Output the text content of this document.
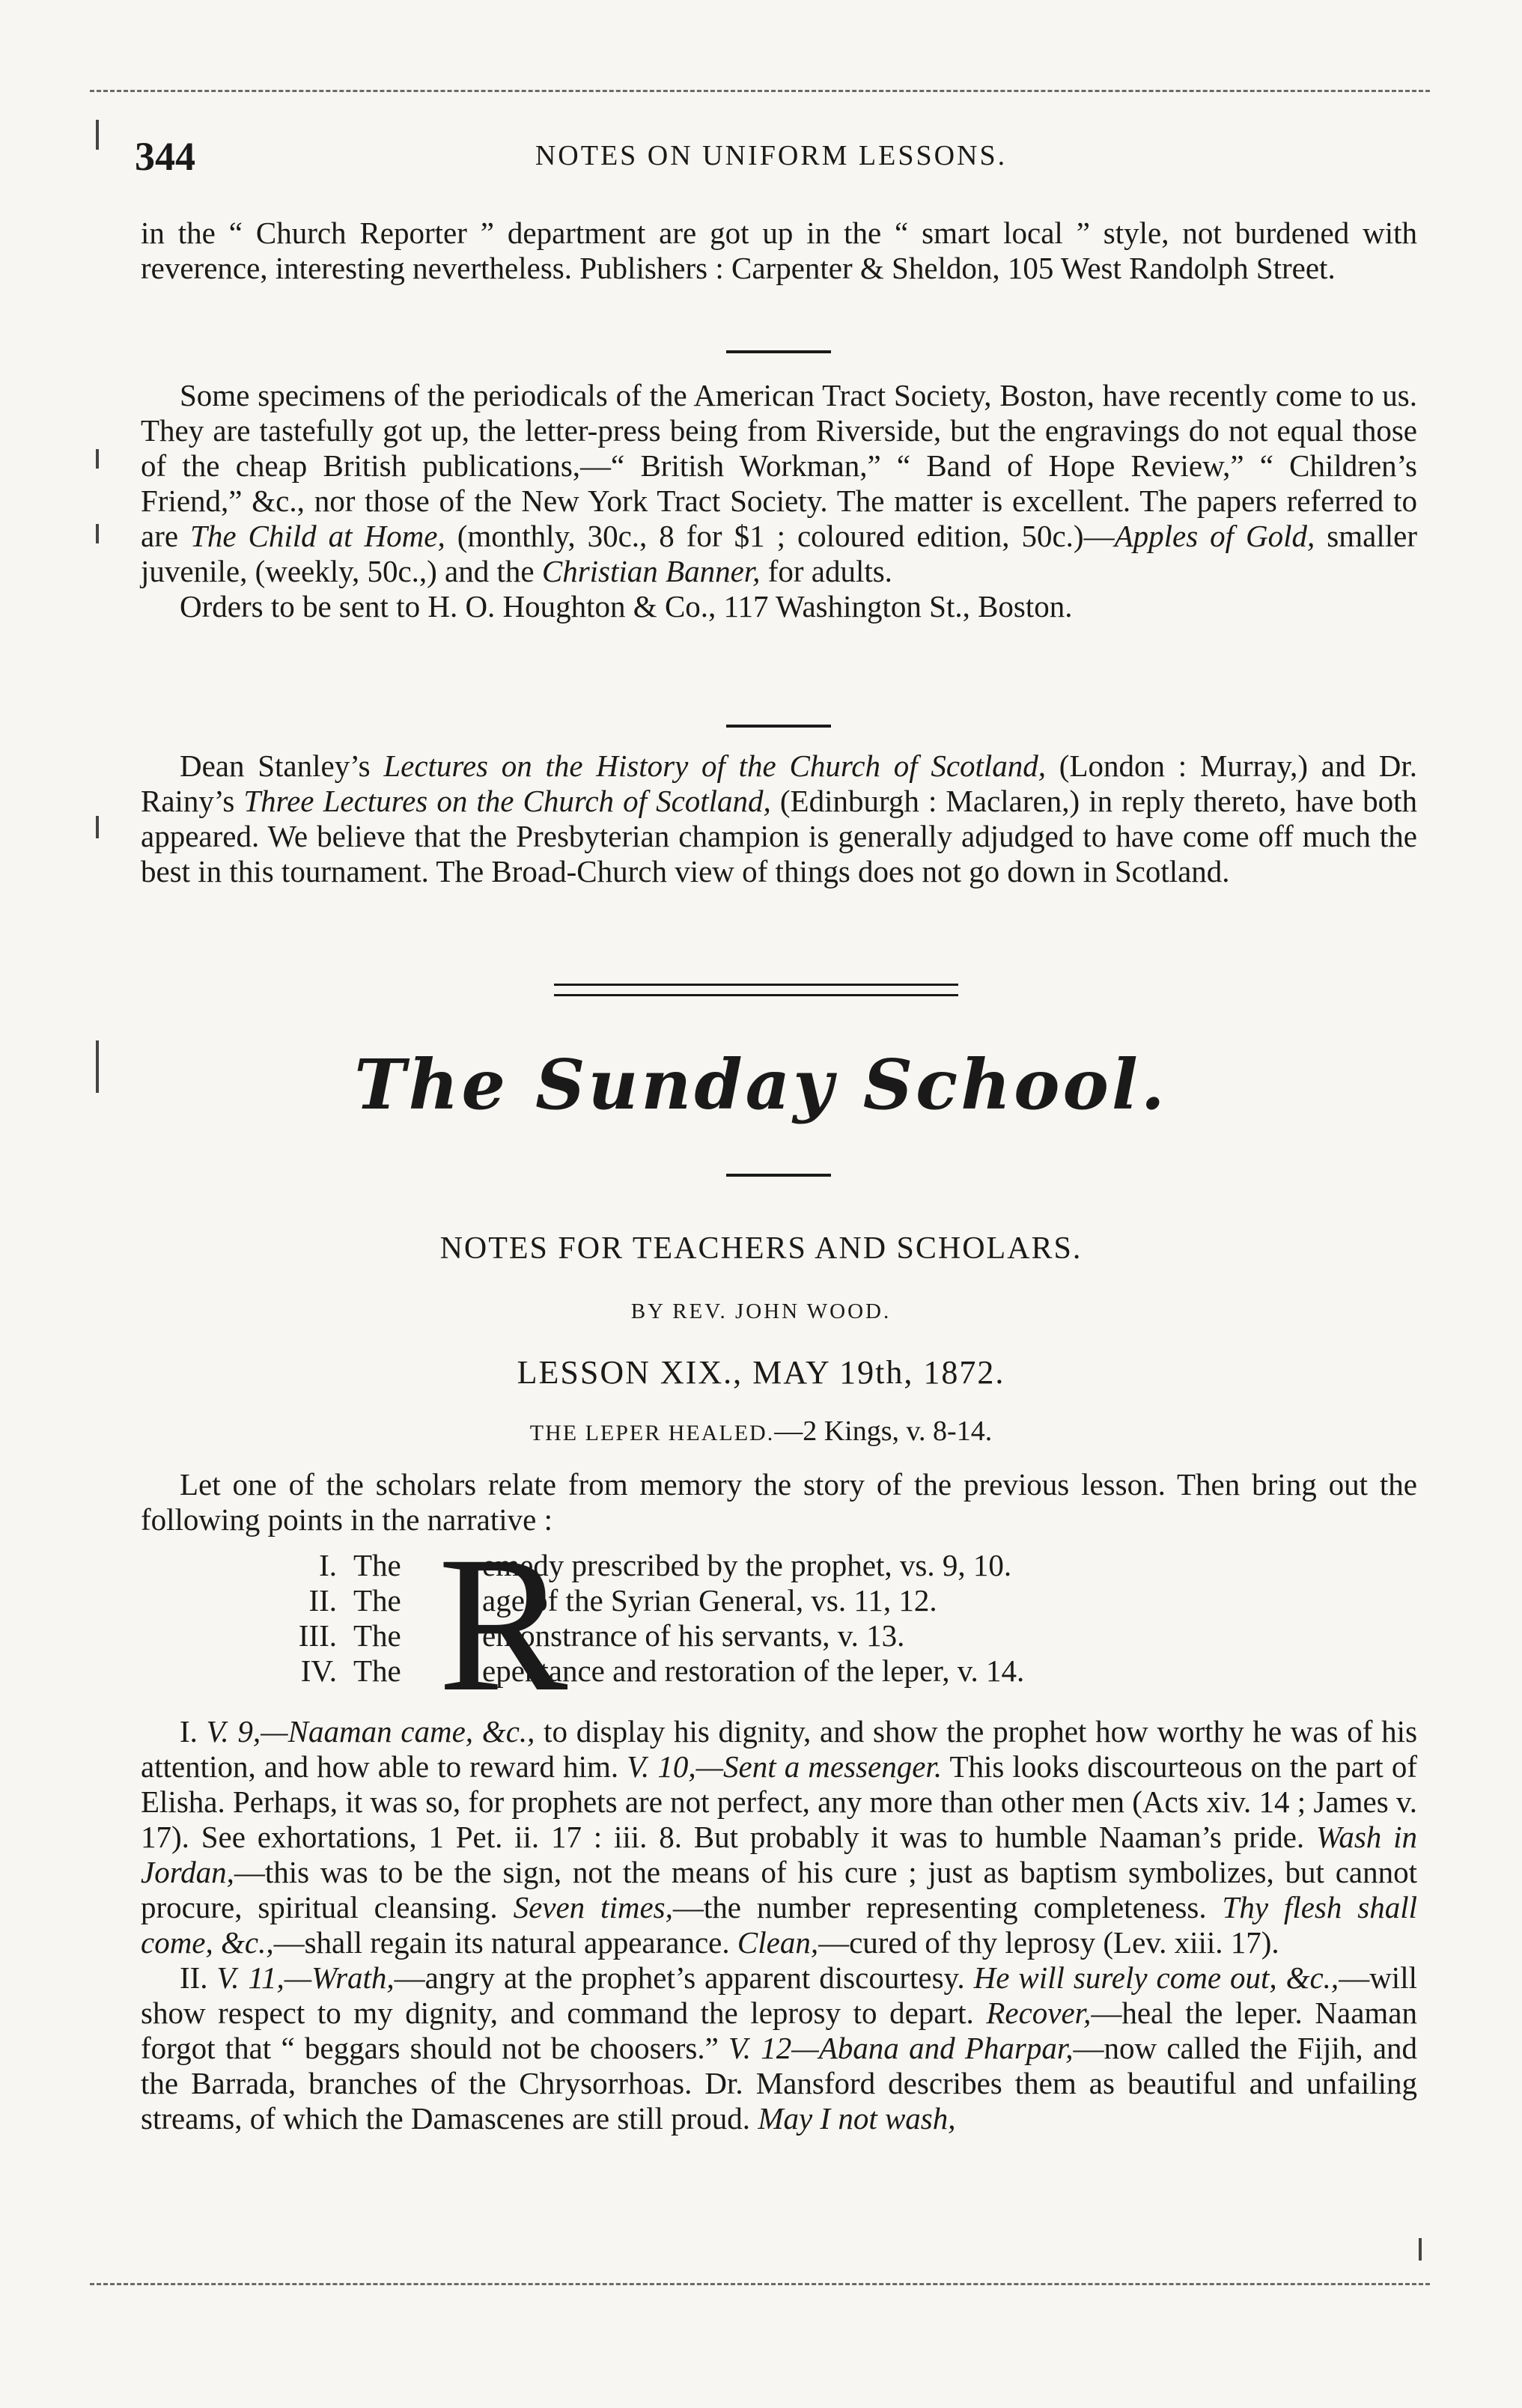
344	NOTES ON UNIFORM LESSONS.

in the “ Church Reporter ” department are got up in the “ smart local ” style, not burdened with reverence, interesting nevertheless. Publishers : Carpenter & Sheldon, 105 West Randolph Street.

Some specimens of the periodicals of the American Tract Society, Boston, have recently come to us. They are tastefully got up, the letter-press being from Riverside, but the engravings do not equal those of the cheap British publications,—“ British Workman,” “ Band of Hope Review,” “ Children’s Friend,” &c., nor those of the New York Tract Society. The matter is excellent. The papers referred to are The Child at Home, (monthly, 30c., 8 for $1 ; coloured edition, 50c.)—Apples of Gold, smaller juvenile, (weekly, 50c.,) and the Christian Banner, for adults.

Orders to be sent to H. O. Houghton & Co., 117 Washington St., Boston.

Dean Stanley’s Lectures on the History of the Church of Scotland, (London : Murray,) and Dr. Rainy’s Three Lectures on the Church of Scotland, (Edinburgh : Maclaren,) in reply thereto, have both appeared. We believe that the Presbyterian champion is generally adjudged to have come off much the best in this tournament. The Broad-Church view of things does not go down in Scotland.

The Sunday School.
NOTES FOR TEACHERS AND SCHOLARS.
BY REV. JOHN WOOD.
LESSON XIX., MAY 19th, 1872.
THE LEPER HEALED.—2 Kings, v. 8-14.

Let one of the scholars relate from memory the story of the previous lesson. Then bring out the following points in the narrative :

R
I. The	emedy prescribed by the prophet, vs. 9, 10.
II. The	age of the Syrian General, vs. 11, 12.
III. The	emonstrance of his servants, v. 13.
IV. The	epentance and restoration of the leper, v. 14.

I. V. 9,—Naaman came, &c., to display his dignity, and show the prophet how worthy he was of his attention, and how able to reward him. V. 10,—Sent a messenger. This looks discourteous on the part of Elisha. Perhaps, it was so, for prophets are not perfect, any more than other men (Acts xiv. 14 ; James v. 17). See exhortations, 1 Pet. ii. 17 : iii. 8. But probably it was to humble Naaman’s pride. Wash in Jordan,—this was to be the sign, not the means of his cure ; just as baptism symbolizes, but cannot procure, spiritual cleansing. Seven times,—the number representing completeness. Thy flesh shall come, &c.,—shall regain its natural appearance. Clean,—cured of thy leprosy (Lev. xiii. 17).

II. V. 11,—Wrath,—angry at the prophet’s apparent discourtesy. He will surely come out, &c.,—will show respect to my dignity, and command the leprosy to depart. Recover,—heal the leper. Naaman forgot that “ beggars should not be choosers.” V. 12—Abana and Pharpar,—now called the Fijih, and the Barrada, branches of the Chrysorrhoas. Dr. Mansford describes them as beautiful and unfailing streams, of which the Damascenes are still proud. May I not wash,
